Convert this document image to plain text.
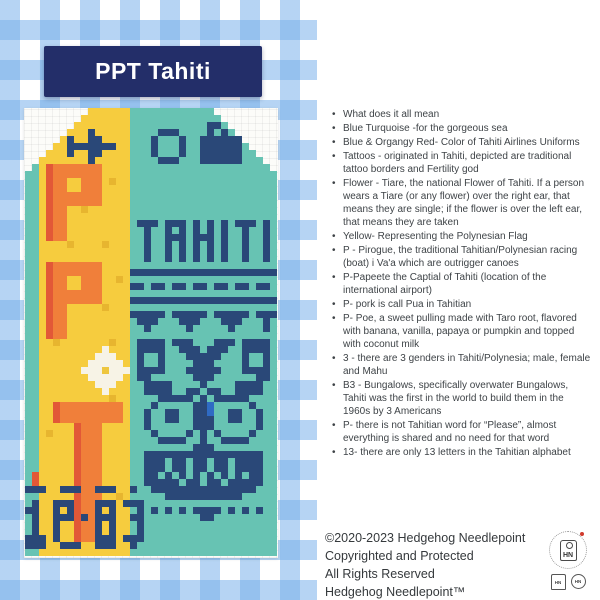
PPT Tahiti
• What does it all mean
• Blue Turquoise -for the gorgeous sea
• Blue & Organgy Red- Color of Tahiti Airlines Uniforms
• Tattoos - originated in Tahiti, depicted are traditional tattoo borders and Fertility god
• Flower - Tiare, the national Flower of Tahiti. If a person wears a Tiare (or any flower) over the right ear, that means they are single; if the flower is over the left ear, that means they are taken
• Yellow- Representing the Polynesian Flag
• P - Pirogue, the traditional Tahitian/Polynesian racing (boat) i Va'a which are outrigger canoes
• P-Papeete the Captial of Tahiti (location of the international airport)
• P- pork is call Pua in Tahitian
• P- Poe, a sweet pulling made with Taro root, flavored with banana, vanilla, papaya or pumpkin and topped with coconut milk
• 3 - there are 3 genders in Tahiti/Polynesia; male, female and Mahu
• B3 - Bungalows, specifically overwater Bungalows, Tahiti was the first in the world to build them in the 1960s by 3 Americans
• P- there is not Tahitian word for “Please”, almost everything is shared and no need for that word
• 13- there are only 13 letters in the Tahitian alphabet
©2020-2023 Hedgehog Needlepoint
Copyrighted and Protected
All Rights Reserved
Hedgehog Needlepoint™
HN
HN	HN
